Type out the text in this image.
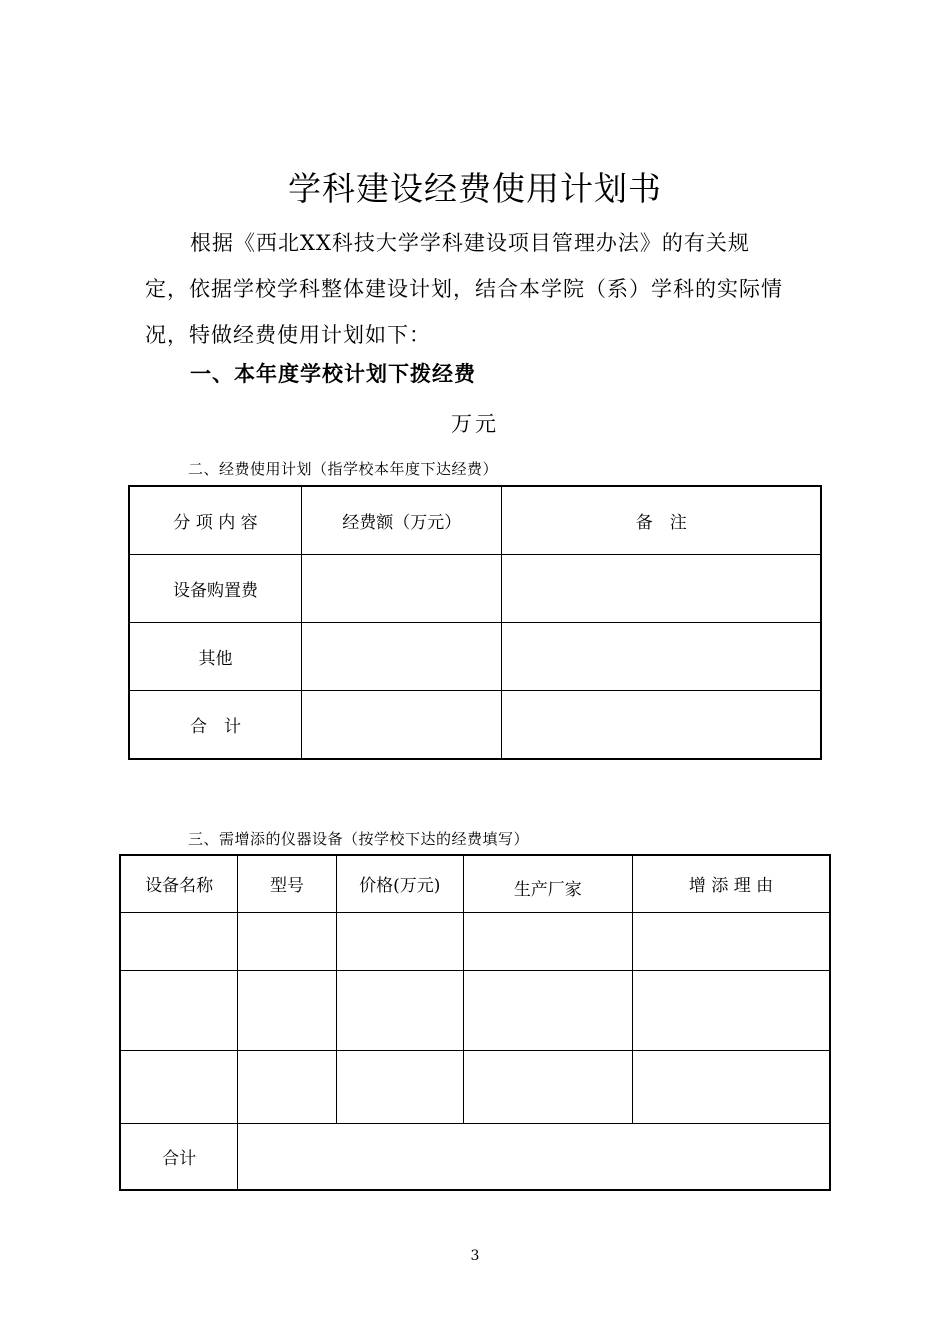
学科建设经费使用计划书
根据《西北XX科技大学学科建设项目管理办法》的有关规
定，依据学校学科整体建设计划，结合本学院（系）学科的实际情
况，特做经费使用计划如下：
一、本年度学校计划下拨经费
万元
二、经费使用计划（指学校本年度下达经费）
分 项 内 容	经费额（万元）	备　注
设备购置费		
其他		
合　计		
三、需增添的仪器设备（按学校下达的经费填写）
设备名称	型号	价格(万元)	生产厂家	增 添 理 由

合计				
3
